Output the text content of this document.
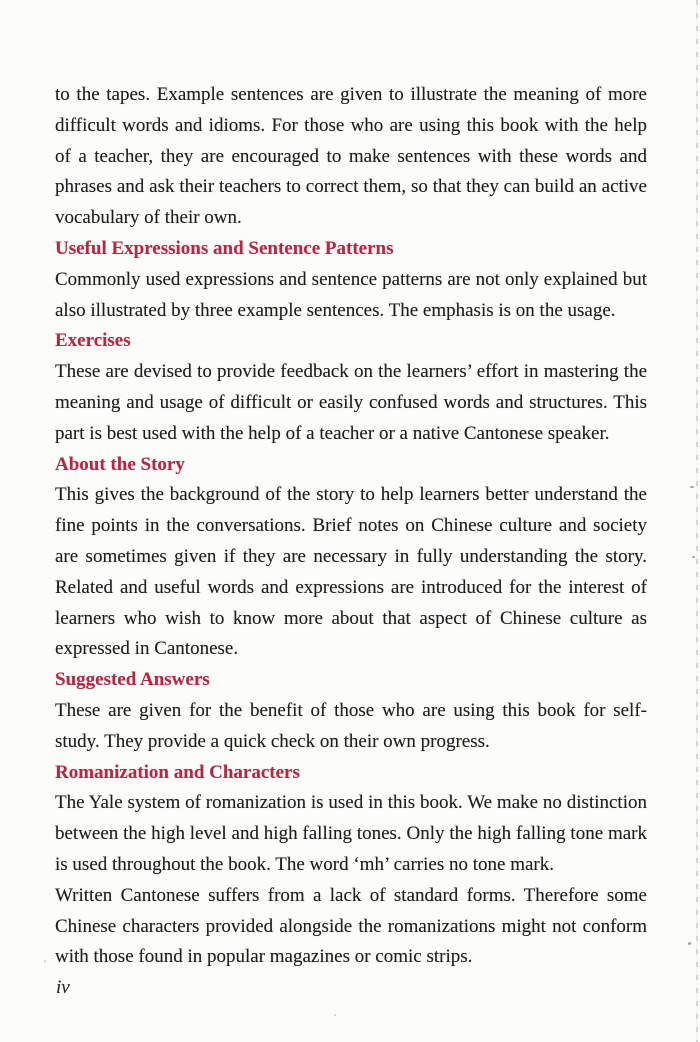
to the tapes. Example sentences are given to illustrate the meaning of more difficult words and idioms. For those who are using this book with the help of a teacher, they are encouraged to make sentences with these words and phrases and ask their teachers to correct them, so that they can build an active vocabulary of their own.

Useful Expressions and Sentence Patterns

Commonly used expressions and sentence patterns are not only explained but also illustrated by three example sentences. The emphasis is on the usage.

Exercises

These are devised to provide feedback on the learners’ effort in mastering the meaning and usage of difficult or easily confused words and structures. This part is best used with the help of a teacher or a native Cantonese speaker.

About the Story

This gives the background of the story to help learners better understand the fine points in the conversations. Brief notes on Chinese culture and society are sometimes given if they are necessary in fully understanding the story. Related and useful words and expressions are introduced for the interest of learners who wish to know more about that aspect of Chinese culture as expressed in Cantonese.

Suggested Answers

These are given for the benefit of those who are using this book for self-study. They provide a quick check on their own progress.

Romanization and Characters

The Yale system of romanization is used in this book. We make no distinction between the high level and high falling tones. Only the high falling tone mark is used throughout the book. The word ‘mh’ carries no tone mark.

Written Cantonese suffers from a lack of standard forms. Therefore some Chinese characters provided alongside the romanizations might not conform with those found in popular magazines or comic strips.

iv
